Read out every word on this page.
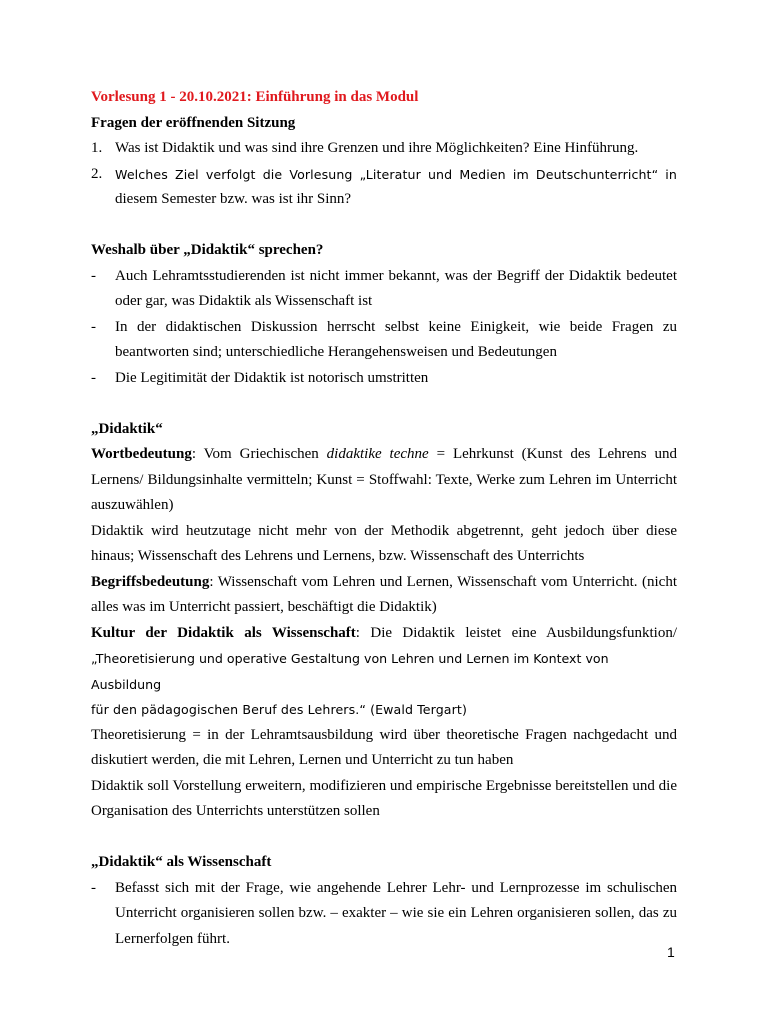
Vorlesung 1 - 20.10.2021: Einführung in das Modul
Fragen der eröffnenden Sitzung
1. Was ist Didaktik und was sind ihre Grenzen und ihre Möglichkeiten? Eine Hinführung.
2.	Welches Ziel verfolgt die Vorlesung „Literatur und Medien im Deutschunterricht“ in
diesem Semester bzw. was ist ihr Sinn?
Weshalb über „Didaktik“ sprechen?
-	Auch Lehramtsstudierenden ist nicht immer bekannt, was der Begriff der Didaktik bedeutet oder gar, was Didaktik als Wissenschaft ist
-	In der didaktischen Diskussion herrscht selbst keine Einigkeit, wie beide Fragen zu beantworten sind; unterschiedliche Herangehensweisen und Bedeutungen
-	Die Legitimität der Didaktik ist notorisch umstritten
„Didaktik“
Wortbedeutung: Vom Griechischen didaktike techne = Lehrkunst (Kunst des Lehrens und Lernens/ Bildungsinhalte vermitteln; Kunst = Stoffwahl: Texte, Werke zum Lehren im Unterricht auszuwählen)
Didaktik wird heutzutage nicht mehr von der Methodik abgetrennt, geht jedoch über diese hinaus; Wissenschaft des Lehrens und Lernens, bzw. Wissenschaft des Unterrichts
Begriffsbedeutung: Wissenschaft vom Lehren und Lernen, Wissenschaft vom Unterricht. (nicht alles was im Unterricht passiert, beschäftigt die Didaktik)
Kultur der Didaktik als Wissenschaft: Die Didaktik leistet eine Ausbildungsfunktion/
„Theoretisierung und operative Gestaltung von Lehren und Lernen im Kontext von Ausbildung
für den pädagogischen Beruf des Lehrers.“ (Ewald Tergart)
Theoretisierung = in der Lehramtsausbildung wird über theoretische Fragen nachgedacht und diskutiert werden, die mit Lehren, Lernen und Unterricht zu tun haben
Didaktik soll Vorstellung erweitern, modifizieren und empirische Ergebnisse bereitstellen und die Organisation des Unterrichts unterstützen sollen
„Didaktik“ als Wissenschaft
-	Befasst sich mit der Frage, wie angehende Lehrer Lehr- und Lernprozesse im schulischen Unterricht organisieren sollen bzw. – exakter – wie sie ein Lehren organisieren sollen, das zu Lernerfolgen führt.
1
